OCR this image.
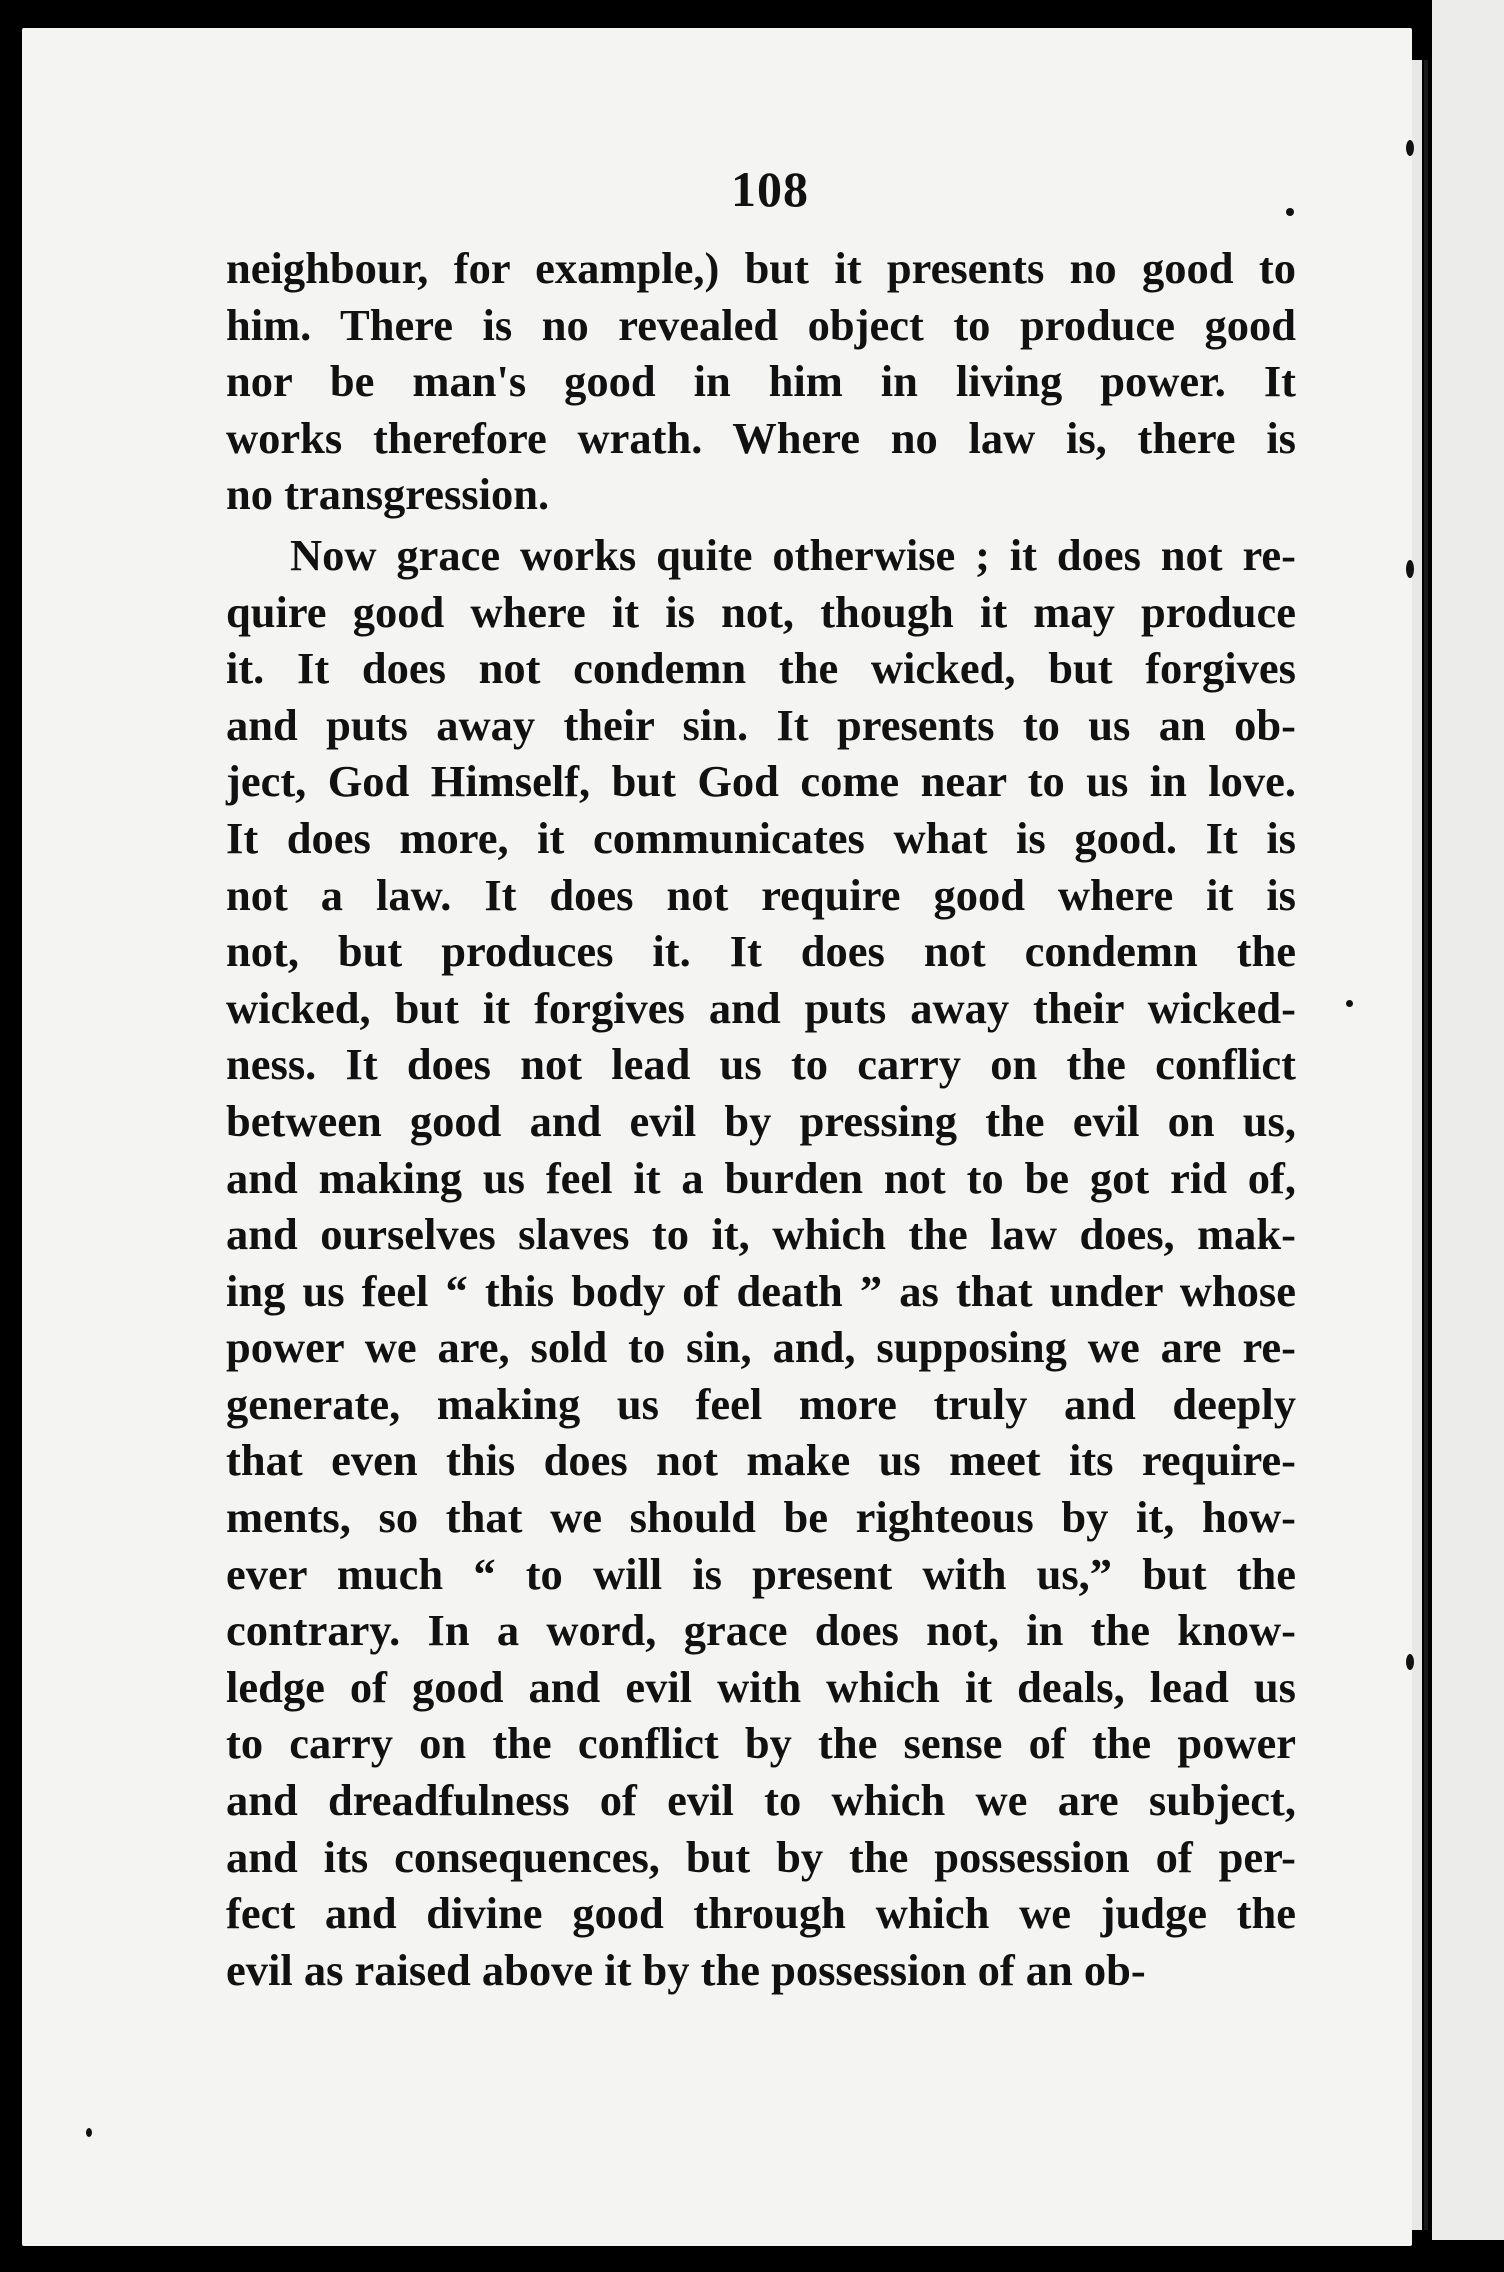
108
neighbour, for example,) but it presents no good to
him. There is no revealed object to produce good
nor be man's good in him in living power. It
works therefore wrath. Where no law is, there is
no transgression.
Now grace works quite otherwise ; it does not re-
quire good where it is not, though it may produce
it. It does not condemn the wicked, but forgives
and puts away their sin. It presents to us an ob-
ject, God Himself, but God come near to us in love.
It does more, it communicates what is good. It is
not a law. It does not require good where it is
not, but produces it. It does not condemn the
wicked, but it forgives and puts away their wicked-
ness. It does not lead us to carry on the conflict
between good and evil by pressing the evil on us,
and making us feel it a burden not to be got rid of,
and ourselves slaves to it, which the law does, mak-
ing us feel “ this body of death ” as that under whose
power we are, sold to sin, and, supposing we are re-
generate, making us feel more truly and deeply
that even this does not make us meet its require-
ments, so that we should be righteous by it, how-
ever much “ to will is present with us,” but the
contrary. In a word, grace does not, in the know-
ledge of good and evil with which it deals, lead us
to carry on the conflict by the sense of the power
and dreadfulness of evil to which we are subject,
and its consequences, but by the possession of per-
fect and divine good through which we judge the
evil as raised above it by the possession of an ob-
